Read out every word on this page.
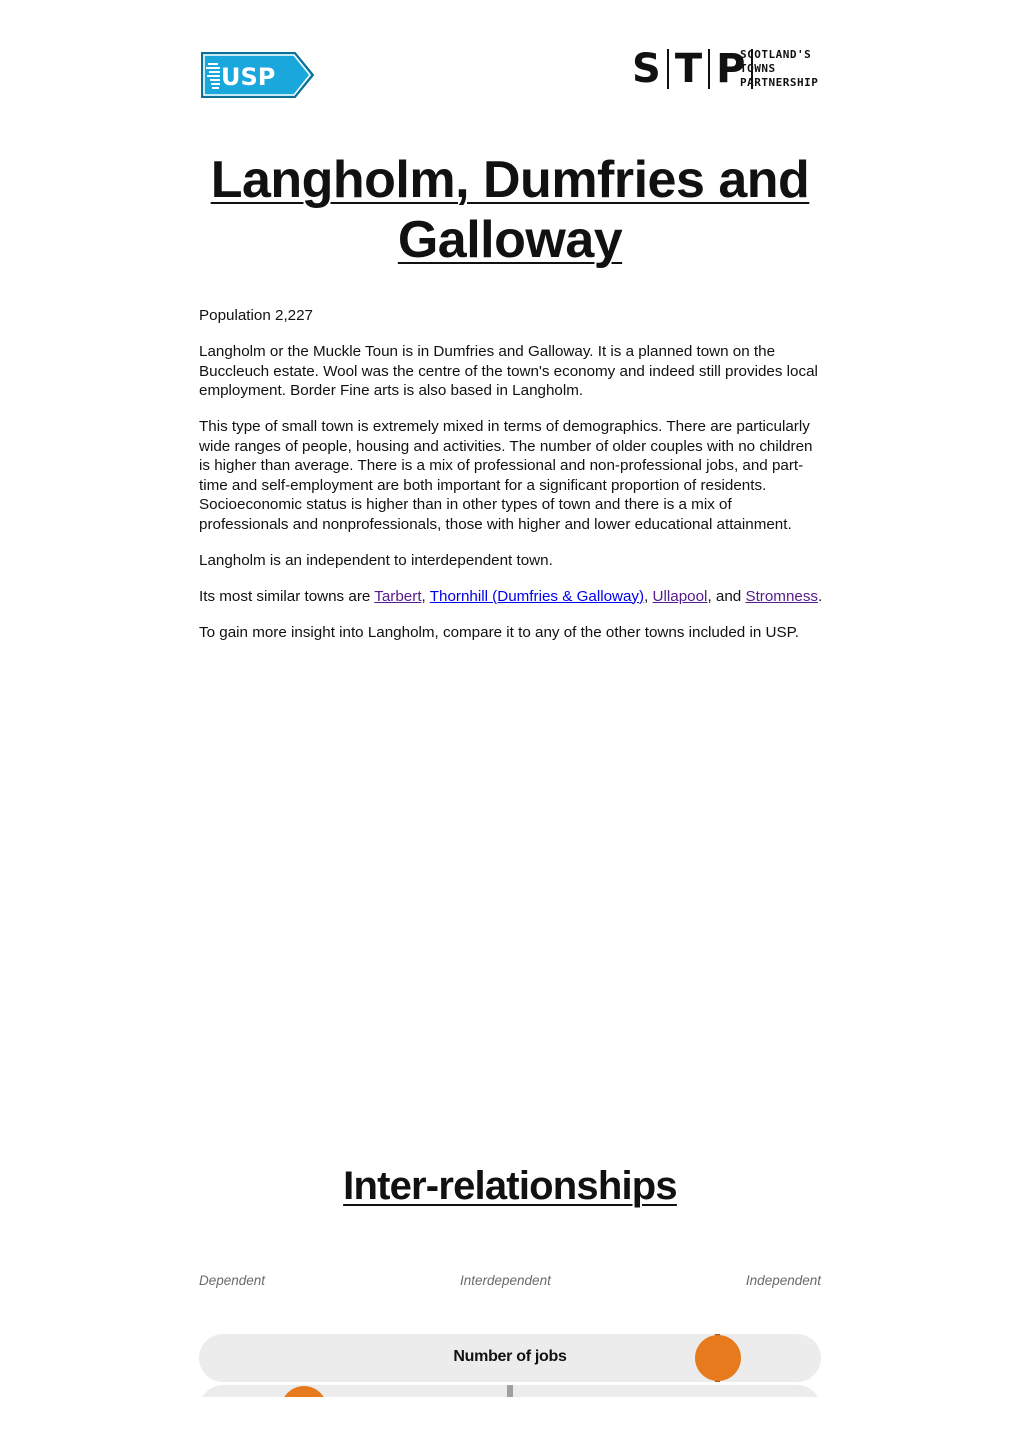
USP	S T P
SCOTLAND'S
TOWNS
PARTNERSHIP
Langholm, Dumfries and Galloway

Population 2,227

Langholm or the Muckle Toun is in Dumfries and Galloway. It is a planned town on the Buccleuch estate. Wool was the centre of the town's economy and indeed still provides local employment. Border Fine arts is also based in Langholm.

This type of small town is extremely mixed in terms of demographics. There are particularly wide ranges of people, housing and activities. The number of older couples with no children is higher than average. There is a mix of professional and non-professional jobs, and part-time and self-employment are both important for a significant proportion of residents. Socioeconomic status is higher than in other types of town and there is a mix of professionals and nonprofessionals, those with higher and lower educational attainment.

Langholm is an independent to interdependent town.

Its most similar towns are Tarbert, Thornhill (Dumfries & Galloway), Ullapool, and Stromness.

To gain more insight into Langholm, compare it to any of the other towns included in USP.

Inter-relationships
Dependent	Interdependent	Independent
Number of jobs
